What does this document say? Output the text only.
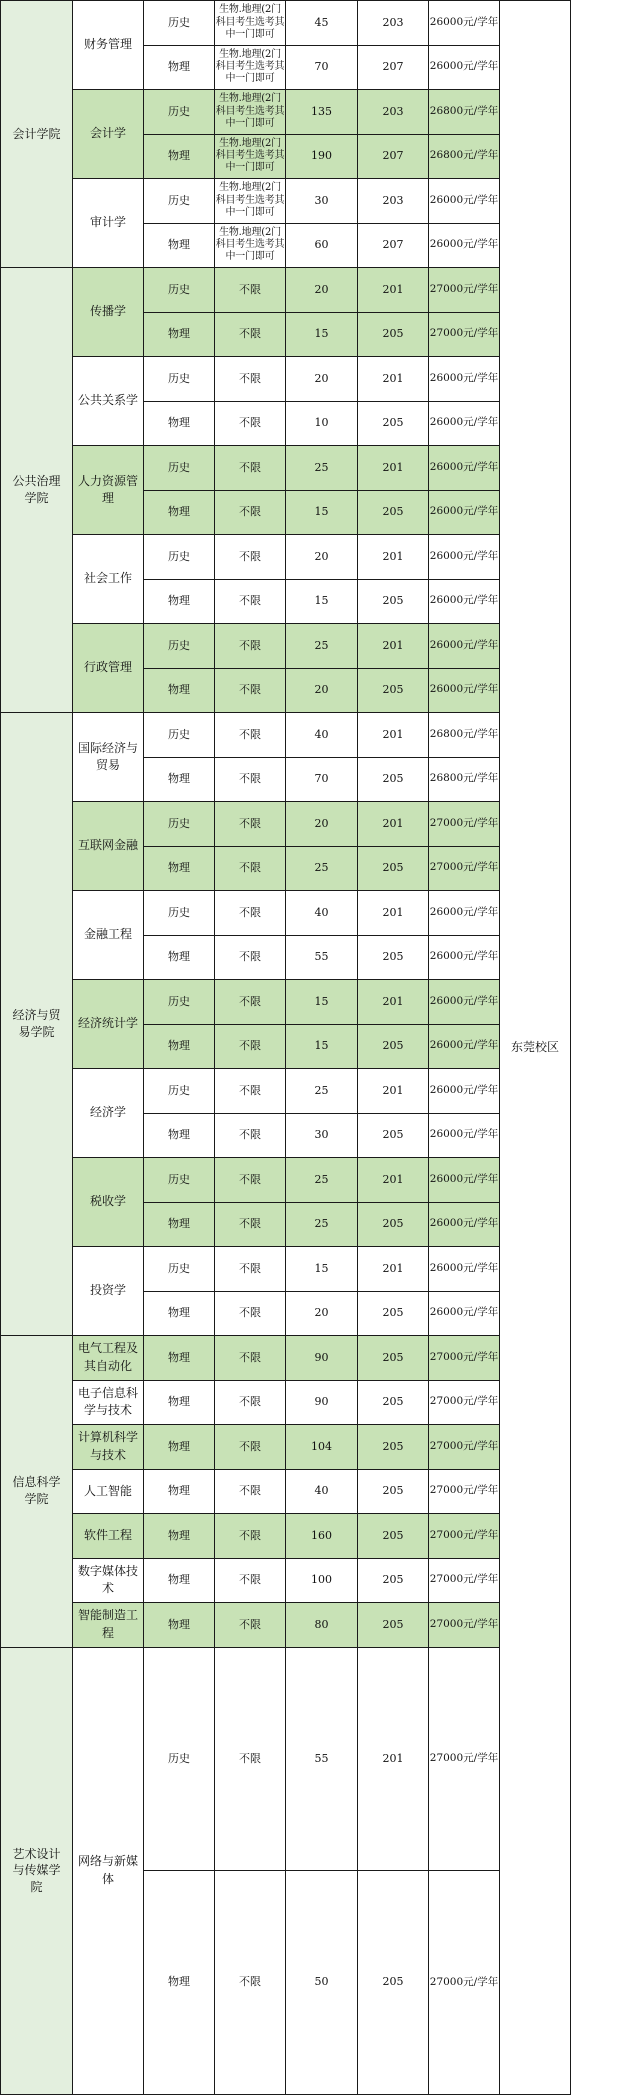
会计学院	财务管理	历史	生物.地理(2门科目考生选考其中一门即可	45	203	26000元/学年	东莞校区		
		物理	生物.地理(2门科目考生选考其中一门即可	70	207	26000元/学年			
	会计学	历史	生物.地理(2门科目考生选考其中一门即可	135	203	26800元/学年			
		物理	生物.地理(2门科目考生选考其中一门即可	190	207	26800元/学年			
	审计学	历史	生物.地理(2门科目考生选考其中一门即可	30	203	26000元/学年			
		物理	生物.地理(2门科目考生选考其中一门即可	60	207	26000元/学年			
公共治理学院	传播学	历史	不限	20	201	27000元/学年			
		物理	不限	15	205	27000元/学年			
	公共关系学	历史	不限	20	201	26000元/学年			
		物理	不限	10	205	26000元/学年			
	人力资源管理	历史	不限	25	201	26000元/学年			
		物理	不限	15	205	26000元/学年			
	社会工作	历史	不限	20	201	26000元/学年			
		物理	不限	15	205	26000元/学年			
	行政管理	历史	不限	25	201	26000元/学年			
		物理	不限	20	205	26000元/学年			
经济与贸易学院	国际经济与贸易	历史	不限	40	201	26800元/学年			
		物理	不限	70	205	26800元/学年			
	互联网金融	历史	不限	20	201	27000元/学年			
		物理	不限	25	205	27000元/学年			
	金融工程	历史	不限	40	201	26000元/学年			
		物理	不限	55	205	26000元/学年			
	经济统计学	历史	不限	15	201	26000元/学年			
		物理	不限	15	205	26000元/学年			
	经济学	历史	不限	25	201	26000元/学年			
		物理	不限	30	205	26000元/学年			
	税收学	历史	不限	25	201	26000元/学年			
		物理	不限	25	205	26000元/学年			
	投资学	历史	不限	15	201	26000元/学年			
		物理	不限	20	205	26000元/学年			
信息科学学院	电气工程及其自动化	物理	不限	90	205	27000元/学年			
	电子信息科学与技术	物理	不限	90	205	27000元/学年			
	计算机科学与技术	物理	不限	104	205	27000元/学年			
	人工智能	物理	不限	40	205	27000元/学年			
	软件工程	物理	不限	160	205	27000元/学年			
	数字媒体技术	物理	不限	100	205	27000元/学年			
	智能制造工程	物理	不限	80	205	27000元/学年			
艺术设计与传媒学院	网络与新媒体	历史	不限	55	201	27000元/学年	
		物理	不限	50	205	27000元/学年	
